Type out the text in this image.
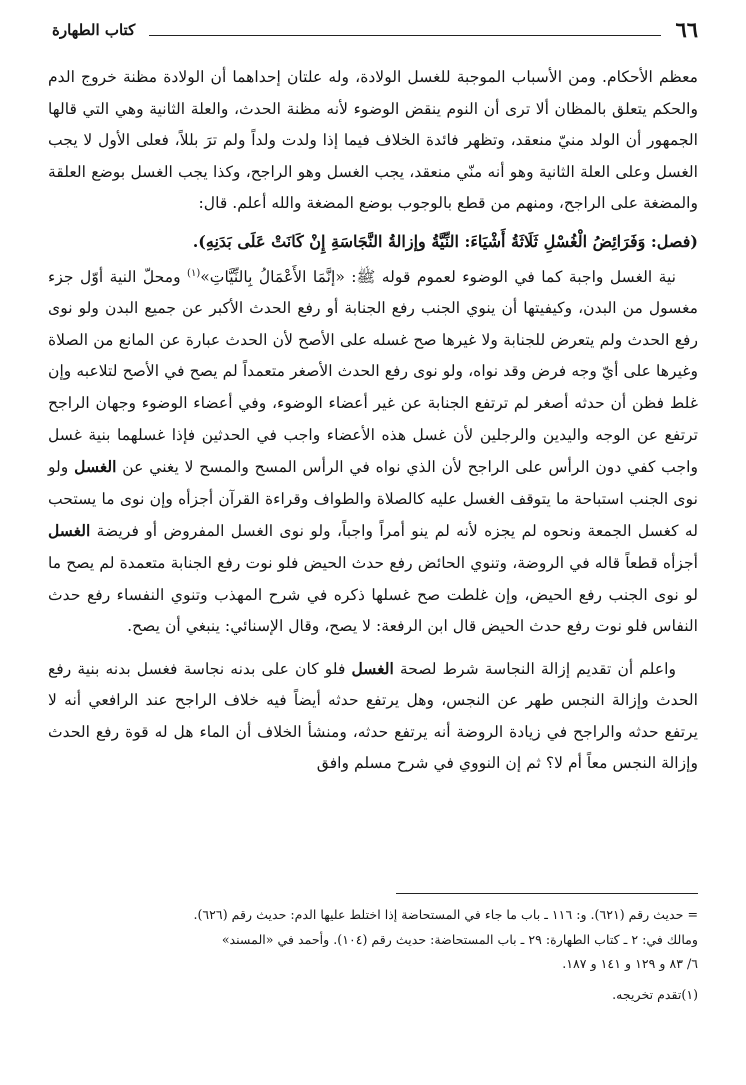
٦٦
كتاب الطهارة

معظم الأحكام. ومن الأسباب الموجبة للغسل الولادة، وله علتان إحداهما أن الولادة مظنة خروج الدم والحكم يتعلق بالمظان ألا ترى أن النوم ينقض الوضوء لأنه مظنة الحدث، والعلة الثانية وهي التي قالها الجمهور أن الولد منيّ منعقد، وتظهر فائدة الخلاف فيما إذا ولدت ولداً ولم ترَ بللاً، فعلى الأول لا يجب الغسل وعلى العلة الثانية وهو أنه منّي منعقد، يجب الغسل وهو الراجح، وكذا يجب الغسل بوضع العلقة والمضغة على الراجح، ومنهم من قطع بالوجوب بوضع المضغة والله أعلم. قال:

(فصل: وَفَرَائِضُ الْغُسْلِ ثَلَاثَةُ أَشْيَاءَ: النِّيَّةُ وإزالةُ النَّجَاسَةِ إِنْ كَانَتْ عَلَى بَدَنِهِ).

نية الغسل واجبة كما في الوضوء لعموم قوله ﷺ: «إنَّمَا الأَعْمَالُ بِالنِّيَّاتِ»$^{(١)}$ ومحلّ النية أوّل جزء مغسول من البدن، وكيفيتها أن ينوي الجنب رفع الجنابة أو رفع الحدث الأكبر عن جميع البدن ولو نوى رفع الحدث ولم يتعرض للجنابة ولا غيرها صح غسله على الأصح لأن الحدث عبارة عن المانع من الصلاة وغيرها على أيّ وجه فرض وقد نواه، ولو نوى رفع الحدث الأصغر متعمداً لم يصح في الأصح لتلاعبه وإن غلط فظن أن حدثه أصغر لم ترتفع الجنابة عن غير أعضاء الوضوء، وفي أعضاء الوضوء وجهان الراجح ترتفع عن الوجه واليدين والرجلين لأن غسل هذه الأعضاء واجب في الحدثين فإذا غسلهما بنية غسل واجب كفي دون الرأس على الراجح لأن الذي نواه في الرأس المسح والمسح لا يغني عن الغسل ولو نوى الجنب استباحة ما يتوقف الغسل عليه كالصلاة والطواف وقراءة القرآن أجزأه وإن نوى ما يستحب له كغسل الجمعة ونحوه لم يجزه لأنه لم ينو أمراً واجباً، ولو نوى الغسل المفروض أو فريضة الغسل أجزأه قطعاً قاله في الروضة، وتنوي الحائض رفع حدث الحيض فلو نوت رفع الجنابة متعمدة لم يصح ما لو نوى الجنب رفع الحيض، وإن غلطت صح غسلها ذكره في شرح المهذب وتنوي النفساء رفع حدث النفاس فلو نوت رفع حدث الحيض قال ابن الرفعة: لا يصح، وقال الإسنائي: ينبغي أن يصح.

واعلم أن تقديم إزالة النجاسة شرط لصحة الغسل فلو كان على بدنه نجاسة فغسل بدنه بنية رفع الحدث وإزالة النجس طهر عن النجس، وهل يرتفع حدثه أيضاً فيه خلاف الراجح عند الرافعي أنه لا يرتفع حدثه والراجح في زيادة الروضة أنه يرتفع حدثه، ومنشأ الخلاف أن الماء هل له قوة رفع الحدث وإزالة النجس معاً أم لا؟ ثم إن النووي في شرح مسلم وافق

= حديث رقم (٦٢١). و: ١١٦ ـ باب ما جاء في المستحاضة إذا اختلط عليها الدم: حديث رقم (٦٢٦).

ومالك في: ٢ ـ كتاب الطهارة: ٢٩ ـ باب المستحاضة: حديث رقم (١٠٤). وأحمد في «المسند»

٦/ ٨٣ و ١٢٩ و ١٤١ و ١٨٧.

(١)تقدم تخريجه.
